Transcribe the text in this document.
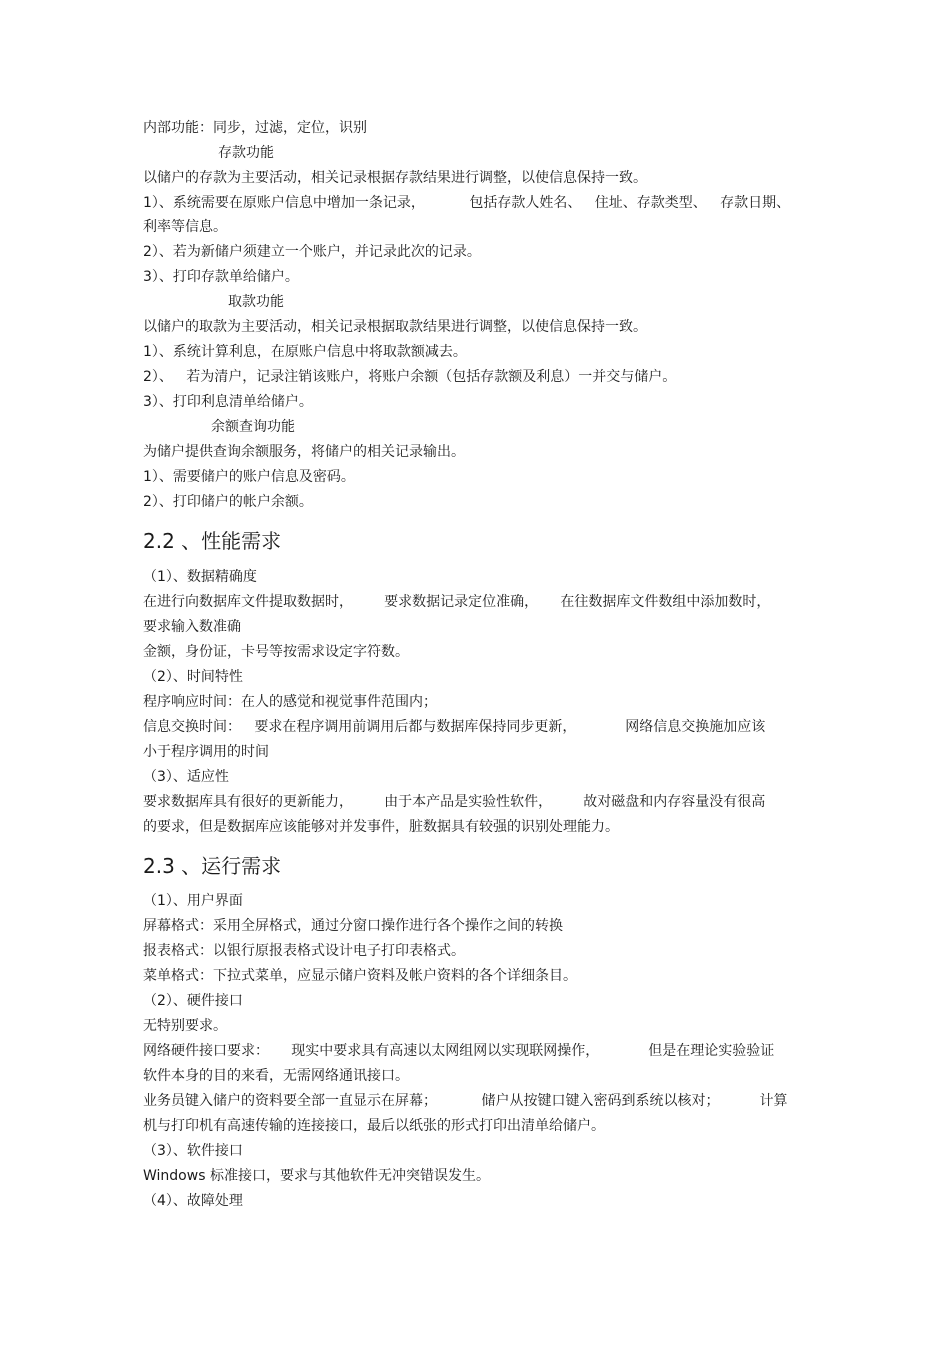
内部功能：同步，过滤，定位，识别
存款功能
以储户的存款为主要活动，相关记录根据存款结果进行调整，以使信息保持一致。
1）、系统需要在原账户信息中增加一条记录，          包括存款人姓名、   住址、存款类型、   存款日期、
利率等信息。
2）、若为新储户须建立一个账户，并记录此次的记录。
3）、打印存款单给储户。
取款功能
以储户的取款为主要活动，相关记录根据取款结果进行调整，以使信息保持一致。
1）、系统计算利息，在原账户信息中将取款额减去。
2）、   若为清户，记录注销该账户，将账户余额（包括存款额及利息）一并交与储户。
3）、打印利息清单给储户。
余额查询功能
为储户提供查询余额服务，将储户的相关记录输出。
1）、需要储户的账户信息及密码。
2）、打印储户的帐户余额。
2.2 、性能需求
（1）、数据精确度
在进行向数据库文件提取数据时，       要求数据记录定位准确，     在往数据库文件数组中添加数时，
要求输入数准确
金额，身份证，卡号等按需求设定字符数。
（2）、时间特性
程序响应时间：在人的感觉和视觉事件范围内；
信息交换时间：   要求在程序调用前调用后都与数据库保持同步更新，           网络信息交换施加应该
小于程序调用的时间
（3）、适应性
要求数据库具有很好的更新能力，       由于本产品是实验性软件，       故对磁盘和内存容量没有很高
的要求，但是数据库应该能够对并发事件，脏数据具有较强的识别处理能力。
2.3 、运行需求
（1）、用户界面
屏幕格式：采用全屏格式，通过分窗口操作进行各个操作之间的转换
报表格式：以银行原报表格式设计电子打印表格式。
菜单格式：下拉式菜单，应显示储户资料及帐户资料的各个详细条目。
（2）、硬件接口
无特别要求。
网络硬件接口要求：     现实中要求具有高速以太网组网以实现联网操作，           但是在理论实验验证
软件本身的目的来看，无需网络通讯接口。
业务员键入储户的资料要全部一直显示在屏幕；          储户从按键口键入密码到系统以核对；         计算
机与打印机有高速传输的连接接口，最后以纸张的形式打印出清单给储户。
（3）、软件接口
Windows 标准接口，要求与其他软件无冲突错误发生。
（4）、故障处理
